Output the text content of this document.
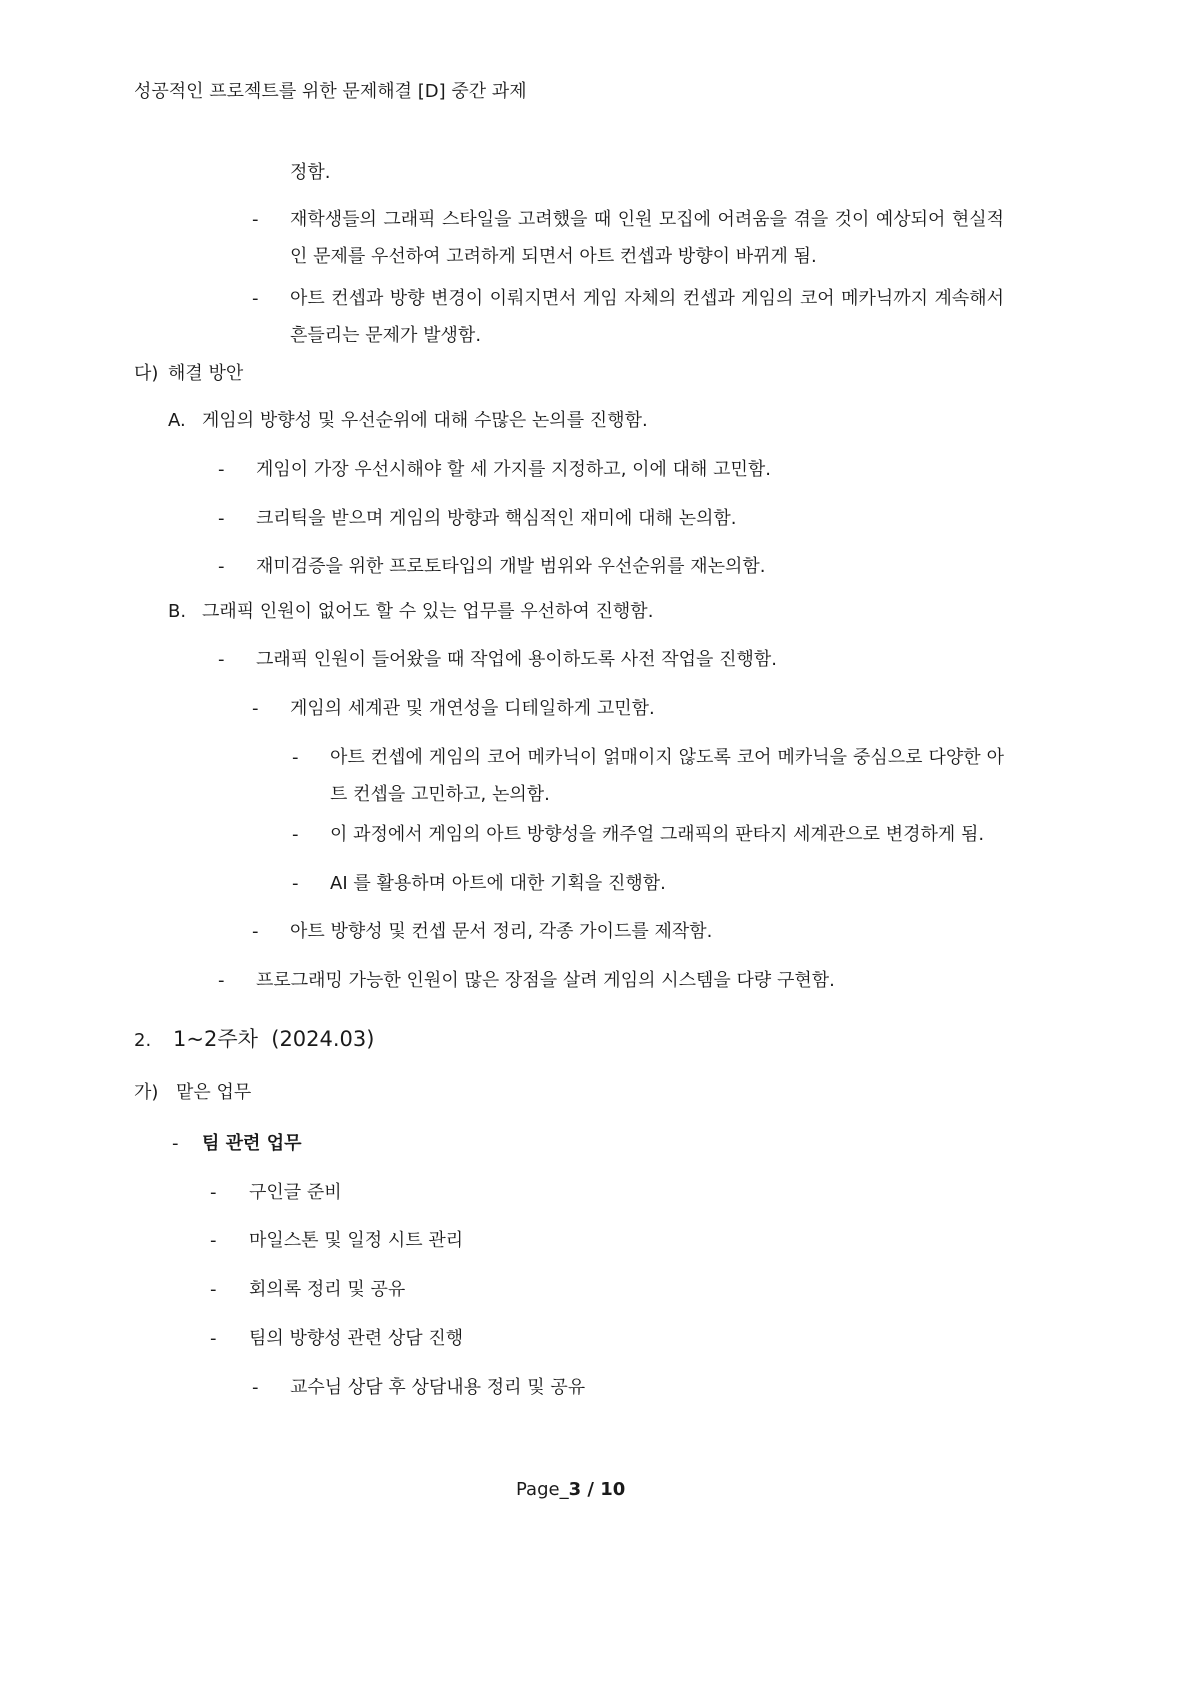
성공적인 프로젝트를 위한 문제해결 [D] 중간 과제
정함.
- 재학생들의 그래픽 스타일을 고려했을 때 인원 모집에 어려움을 겪을 것이 예상되어 현실적인 문제를 우선하여 고려하게 되면서 아트 컨셉과 방향이 바뀌게 됨.
- 아트 컨셉과 방향 변경이 이뤄지면서 게임 자체의 컨셉과 게임의 코어 메카닉까지 계속해서 흔들리는 문제가 발생함.
다) 해결 방안
A. 게임의 방향성 및 우선순위에 대해 수많은 논의를 진행함.
- 게임이 가장 우선시해야 할 세 가지를 지정하고, 이에 대해 고민함.
- 크리틱을 받으며 게임의 방향과 핵심적인 재미에 대해 논의함.
- 재미검증을 위한 프로토타입의 개발 범위와 우선순위를 재논의함.
B. 그래픽 인원이 없어도 할 수 있는 업무를 우선하여 진행함.
- 그래픽 인원이 들어왔을 때 작업에 용이하도록 사전 작업을 진행함.
- 게임의 세계관 및 개연성을 디테일하게 고민함.
- 아트 컨셉에 게임의 코어 메카닉이 얽매이지 않도록 코어 메카닉을 중심으로 다양한 아트 컨셉을 고민하고, 논의함.
- 이 과정에서 게임의 아트 방향성을 캐주얼 그래픽의 판타지 세계관으로 변경하게 됨.
- AI 를 활용하며 아트에 대한 기획을 진행함.
- 아트 방향성 및 컨셉 문서 정리, 각종 가이드를 제작함.
- 프로그래밍 가능한 인원이 많은 장점을 살려 게임의 시스템을 다량 구현함.
2. 1~2주차 (2024.03)
가) 맡은 업무
- 팀 관련 업무
- 구인글 준비
- 마일스톤 및 일정 시트 관리
- 회의록 정리 및 공유
- 팀의 방향성 관련 상담 진행
- 교수님 상담 후 상담내용 정리 및 공유
Page_3 / 10
